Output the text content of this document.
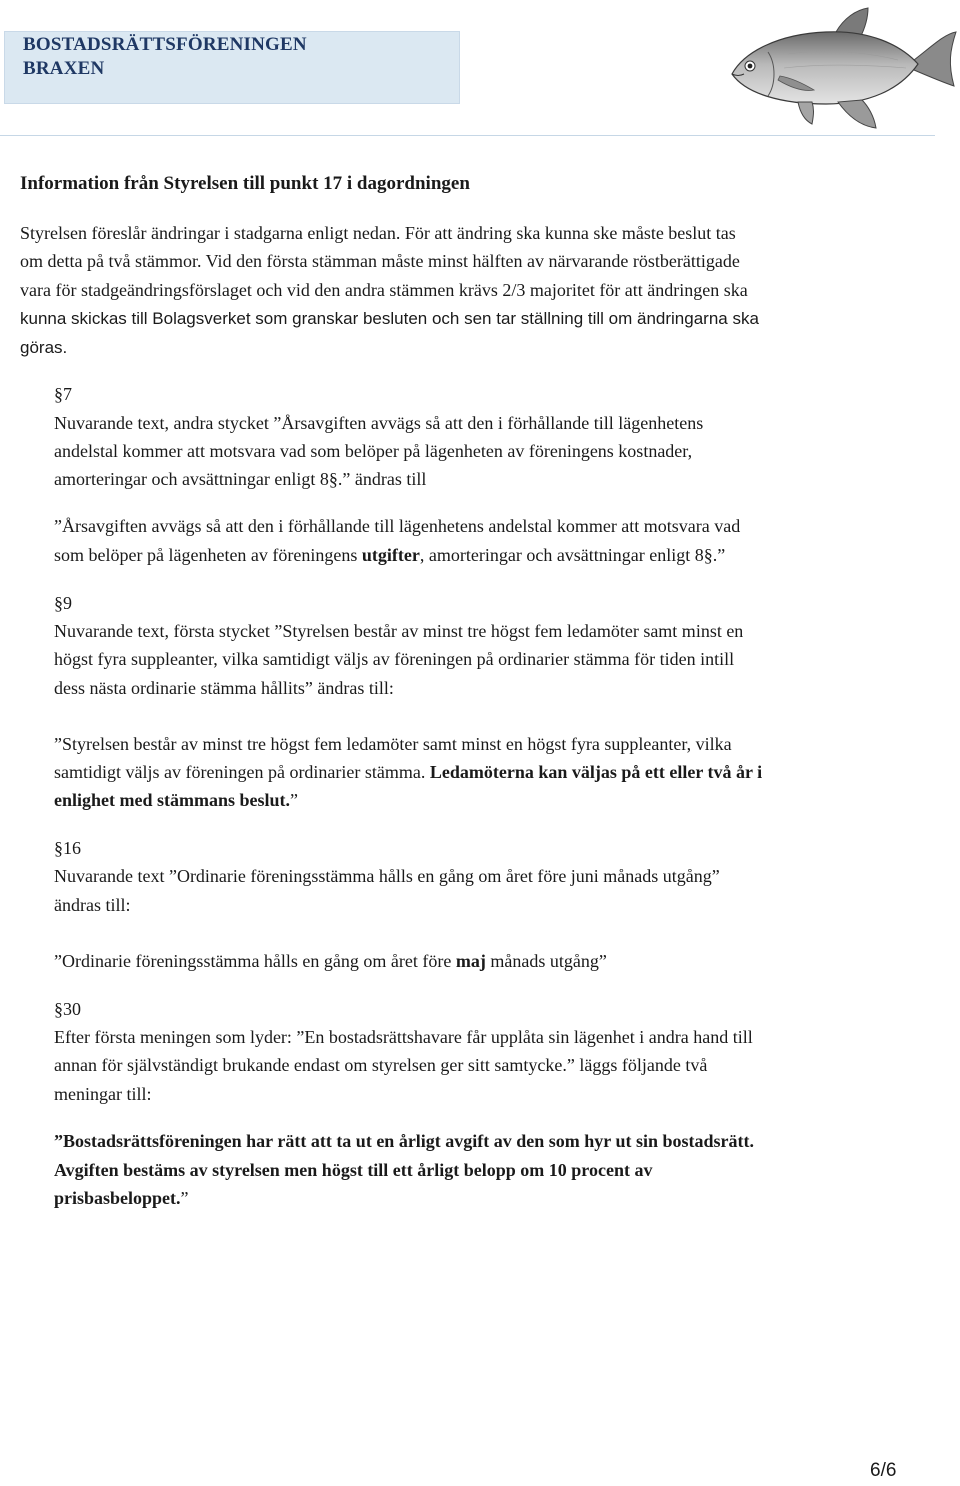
BOSTADSRÄTTSFÖRENINGEN
BRAXEN
Information från Styrelsen till punkt 17 i dagordningen
Styrelsen föreslår ändringar i stadgarna enligt nedan. För att ändring ska kunna ske måste beslut tas
om detta på två stämmor. Vid den första stämman måste minst hälften av närvarande röstberättigade
vara för stadgeändringsförslaget och vid den andra stämmen krävs 2/3 majoritet för att ändringen ska
kunna skickas till Bolagsverket som granskar besluten och sen tar ställning till om ändringarna ska
göras.
§7
Nuvarande text, andra stycket ”Årsavgiften avvägs så att den i förhållande till lägenhetens
andelstal kommer att motsvara vad som belöper på lägenheten av föreningens kostnader,
amorteringar och avsättningar enligt 8§.” ändras till
”Årsavgiften avvägs så att den i förhållande till lägenhetens andelstal kommer att motsvara vad
som belöper på lägenheten av föreningens utgifter, amorteringar och avsättningar enligt 8§.”
§9
Nuvarande text, första stycket ”Styrelsen består av minst tre högst fem ledamöter samt minst en
högst fyra suppleanter, vilka samtidigt väljs av föreningen på ordinarier stämma för tiden intill
dess nästa ordinarie stämma hållits” ändras till:
”Styrelsen består av minst tre högst fem ledamöter samt minst en högst fyra suppleanter, vilka
samtidigt väljs av föreningen på ordinarier stämma. Ledamöterna kan väljas på ett eller två år i
enlighet med stämmans beslut.”
§16
Nuvarande text ”Ordinarie föreningsstämma hålls en gång om året före juni månads utgång”
ändras till:
”Ordinarie föreningsstämma hålls en gång om året före maj månads utgång”
§30
Efter första meningen som lyder: ”En bostadsrättshavare får upplåta sin lägenhet i andra hand till
annan för självständigt brukande endast om styrelsen ger sitt samtycke.” läggs följande två
meningar till:
”Bostadsrättsföreningen har rätt att ta ut en årligt avgift av den som hyr ut sin bostadsrätt.
Avgiften bestäms av styrelsen men högst till ett årligt belopp om 10 procent av
prisbasbeloppet.”
6/6
